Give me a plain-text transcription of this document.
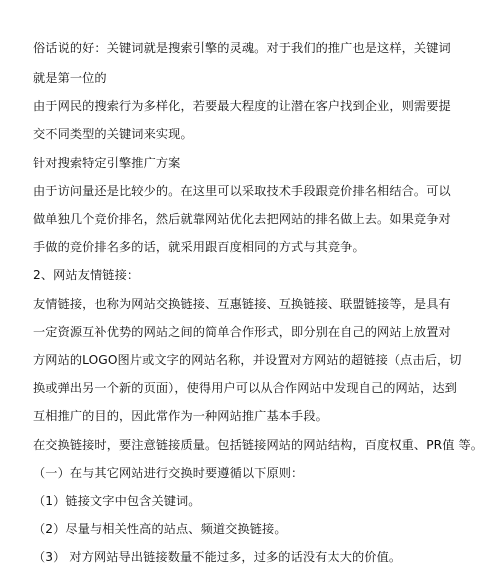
俗话说的好：关键词就是搜索引擎的灵魂。对于我们的推广也是这样，关键词
就是第一位的
由于网民的搜索行为多样化，若要最大程度的让潜在客户找到企业，则需要提
交不同类型的关键词来实现。
针对搜索特定引擎推广方案
由于访问量还是比较少的。在这里可以采取技术手段跟竞价排名相结合。可以
做单独几个竞价排名，然后就靠网站优化去把网站的排名做上去。如果竞争对
手做的竞价排名多的话，就采用跟百度相同的方式与其竞争。
2、网站友情链接：
友情链接，也称为网站交换链接、互惠链接、互换链接、联盟链接等，是具有
一定资源互补优势的网站之间的简单合作形式，即分别在自己的网站上放置对
方网站的LOGO图片或文字的网站名称，并设置对方网站的超链接（点击后，切
换或弹出另一个新的页面），使得用户可以从合作网站中发现自己的网站，达到
互相推广的目的，因此常作为一种网站推广基本手段。
在交换链接时，要注意链接质量。包括链接网站的网站结构，百度权重、PR值 等。
（一）在与其它网站进行交换时要遵循以下原则：
（1）链接文字中包含关键词。
（2）尽量与相关性高的站点、频道交换链接。
（3） 对方网站导出链接数量不能过多，过多的话没有太大的价值。
